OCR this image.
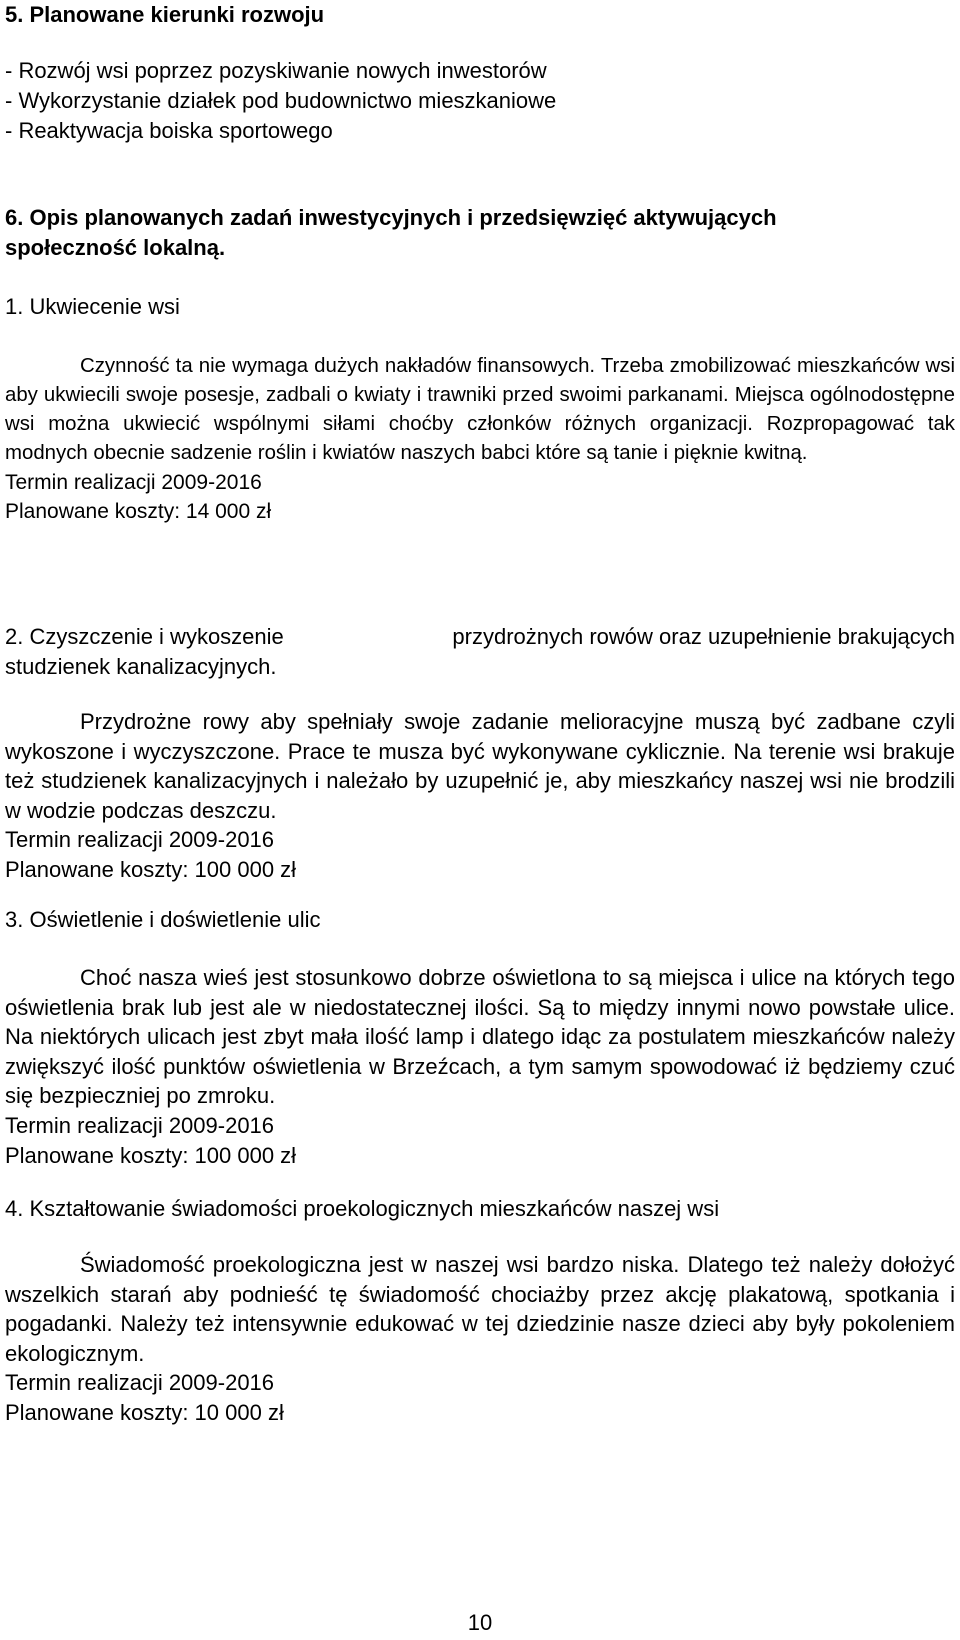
5. Planowane kierunki rozwoju
- Rozwój wsi poprzez pozyskiwanie nowych inwestorów
- Wykorzystanie działek pod budownictwo mieszkaniowe
- Reaktywacja boiska sportowego
6. Opis planowanych zadań inwestycyjnych i przedsięwzięć aktywujących
społeczność lokalną.

1. Ukwiecenie wsi

Czynność ta nie wymaga dużych nakładów finansowych. Trzeba zmobilizować mieszkańców wsi aby ukwiecili swoje posesje, zadbali o kwiaty i trawniki przed swoimi parkanami. Miejsca ogólnodostępne wsi można ukwiecić wspólnymi siłami choćby członków różnych organizacji. Rozpropagować tak modnych obecnie sadzenie roślin i kwiatów naszych babci które są tanie i pięknie kwitną.

Termin realizacji 2009-2016

Planowane koszty: 14 000 zł

2. Czyszczenie i wykoszenie	przydrożnych rowów oraz uzupełnienie brakujących
studzienek kanalizacyjnych.

Przydrożne rowy aby spełniały swoje zadanie melioracyjne muszą być zadbane czyli wykoszone i wyczyszczone. Prace te musza być wykonywane cyklicznie. Na terenie wsi brakuje też studzienek kanalizacyjnych i należało by uzupełnić je, aby mieszkańcy naszej wsi nie brodzili w wodzie podczas deszczu.

Termin realizacji 2009-2016

Planowane koszty: 100 000 zł

3. Oświetlenie i doświetlenie ulic

Choć nasza wieś jest stosunkowo dobrze oświetlona to są miejsca i ulice na których tego oświetlenia brak lub jest ale w niedostatecznej ilości. Są to między innymi nowo powstałe ulice. Na niektórych ulicach jest zbyt mała ilość lamp i dlatego idąc za postulatem mieszkańców należy zwiększyć ilość punktów oświetlenia w Brzeźcach, a tym samym spowodować iż będziemy czuć się bezpieczniej po zmroku.

Termin realizacji 2009-2016

Planowane koszty: 100 000 zł

4. Kształtowanie świadomości proekologicznych mieszkańców naszej wsi

Świadomość proekologiczna jest w naszej wsi bardzo niska. Dlatego też należy dołożyć wszelkich starań aby podnieść tę świadomość chociażby przez akcję plakatową, spotkania i pogadanki. Należy też intensywnie edukować w tej dziedzinie nasze dzieci aby były pokoleniem ekologicznym.

Termin realizacji 2009-2016

Planowane koszty: 10 000 zł

10
